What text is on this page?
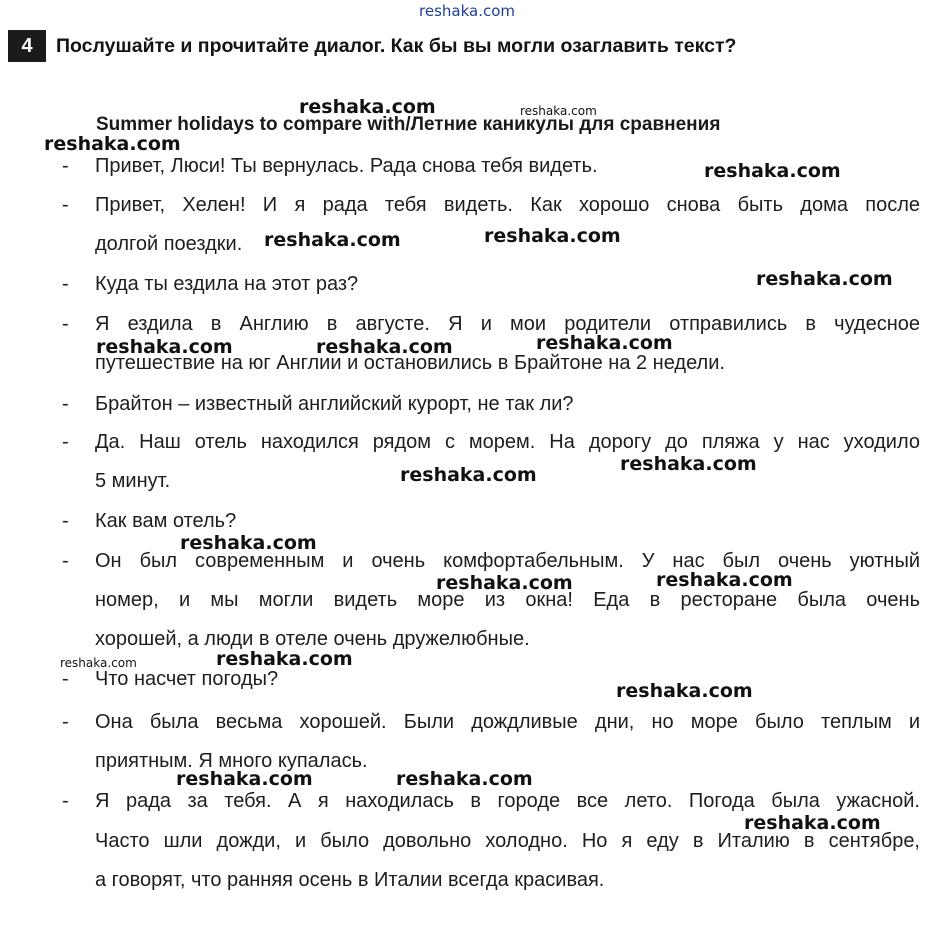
reshaka.com
4	Послушайте и прочитайте диалог. Как бы вы могли озаглавить текст?
Summer holidays to compare with/Летние каникулы для сравнения
- Привет, Люси! Ты вернулась. Рада снова тебя видеть.
- Привет, Хелен! И я рада тебя видеть. Как хорошо снова быть дома после
долгой поездки.
- Куда ты ездила на этот раз?
- Я ездила в Англию в августе. Я и мои родители отправились в чудесное
путешествие на юг Англии и остановились в Брайтоне на 2 недели.
- Брайтон – известный английский курорт, не так ли?
- Да. Наш отель находился рядом с морем. На дорогу до пляжа у нас уходило
5 минут.
- Как вам отель?
- Он был современным и очень комфортабельным. У нас был очень уютный
номер, и мы могли видеть море из окна! Еда в ресторане была очень
хорошей, а люди в отеле очень дружелюбные.
- Что насчет погоды?
- Она была весьма хорошей. Были дождливые дни, но море было теплым и
приятным. Я много купалась.
- Я рада за тебя. А я находилась в городе все лето. Погода была ужасной.
Часто шли дожди, и было довольно холодно. Но я еду в Италию в сентябре,
а говорят, что ранняя осень в Италии всегда красивая.
reshaka.com	reshaka.com
reshaka.com
reshaka.com
reshaka.com	reshaka.com
reshaka.com
reshaka.com	reshaka.com	reshaka.com
reshaka.com
reshaka.com
reshaka.com
reshaka.com	reshaka.com
reshaka.com	reshaka.com
reshaka.com
reshaka.com	reshaka.com
reshaka.com
